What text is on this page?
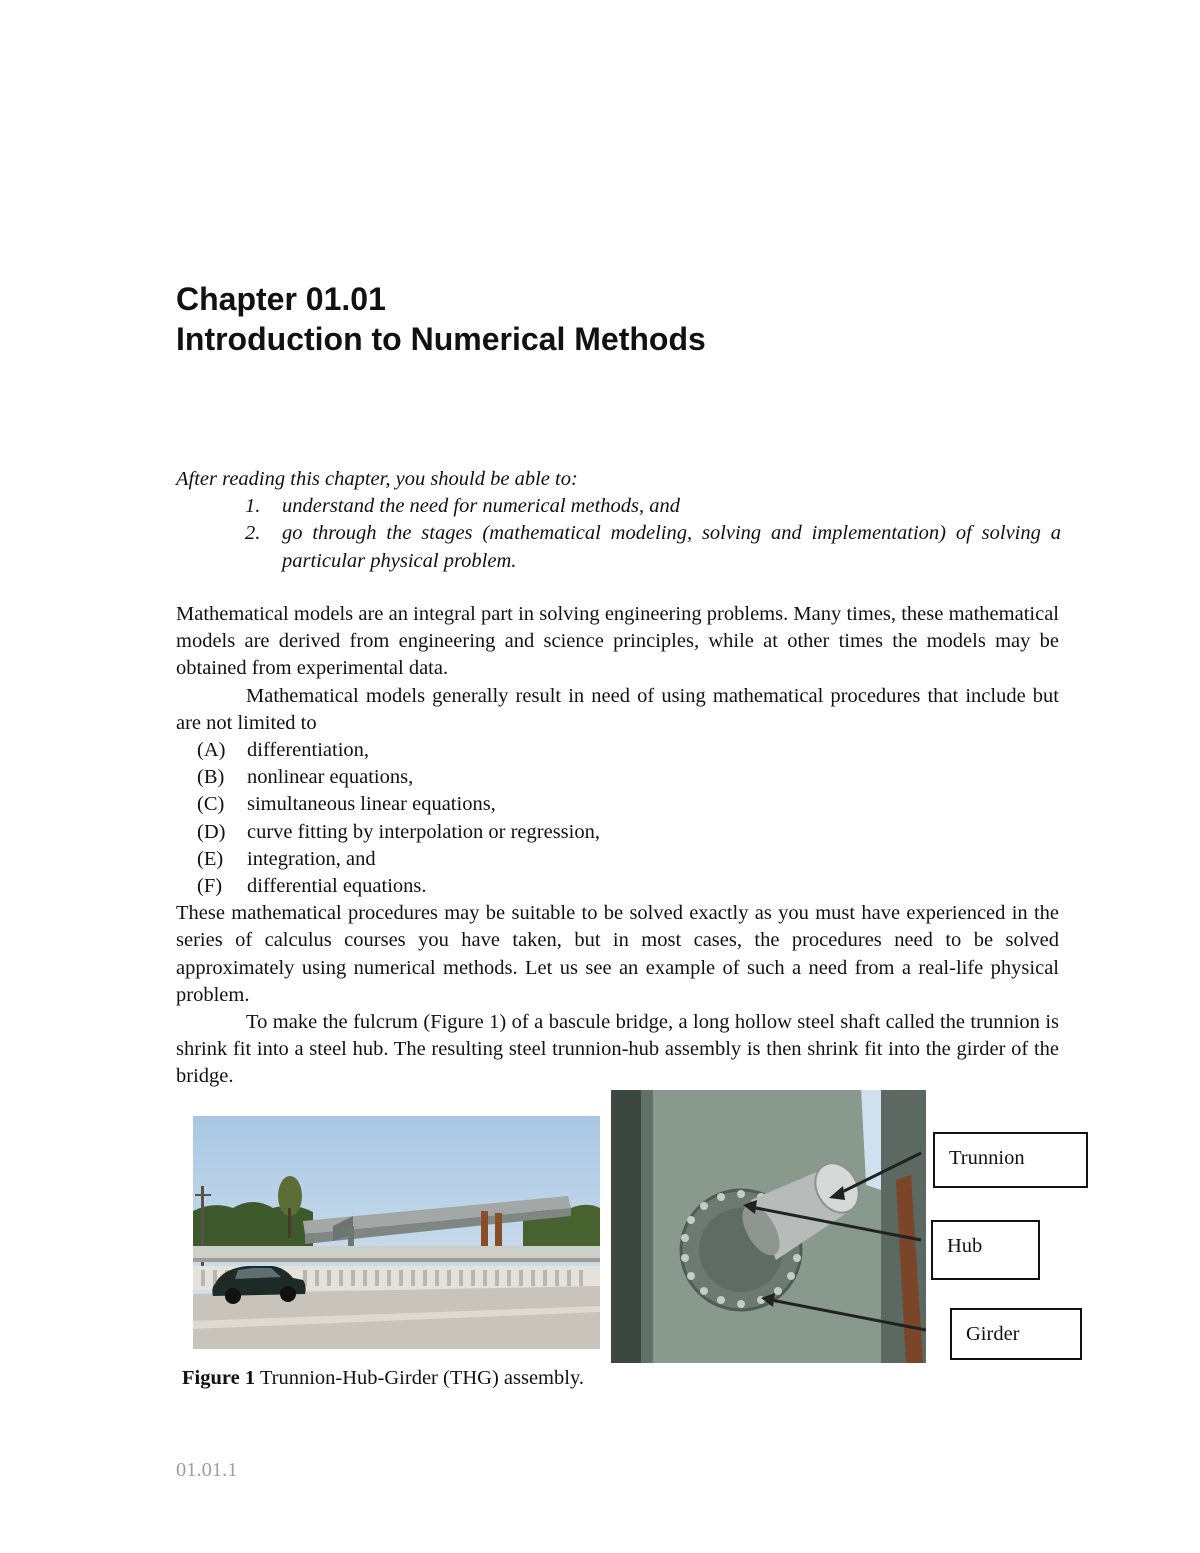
Chapter 01.01
Introduction to Numerical Methods
After reading this chapter, you should be able to:
1. understand the need for numerical methods, and
2. go through the stages (mathematical modeling, solving and implementation) of solving a particular physical problem.

Mathematical models are an integral part in solving engineering problems. Many times, these mathematical models are derived from engineering and science principles, while at other times the models may be obtained from experimental data.

Mathematical models generally result in need of using mathematical procedures that include but are not limited to

(A) differentiation,
(B) nonlinear equations,
(C) simultaneous linear equations,
(D) curve fitting by interpolation or regression,
(E) integration, and
(F) differential equations.

These mathematical procedures may be suitable to be solved exactly as you must have experienced in the series of calculus courses you have taken, but in most cases, the procedures need to be solved approximately using numerical methods. Let us see an example of such a need from a real-life physical problem.

To make the fulcrum (Figure 1) of a bascule bridge, a long hollow steel shaft called the trunnion is shrink fit into a steel hub. The resulting steel trunnion-hub assembly is then shrink fit into the girder of the bridge.

Trunnion
Hub
Girder
Figure 1 Trunnion-Hub-Girder (THG) assembly.
01.01.1
